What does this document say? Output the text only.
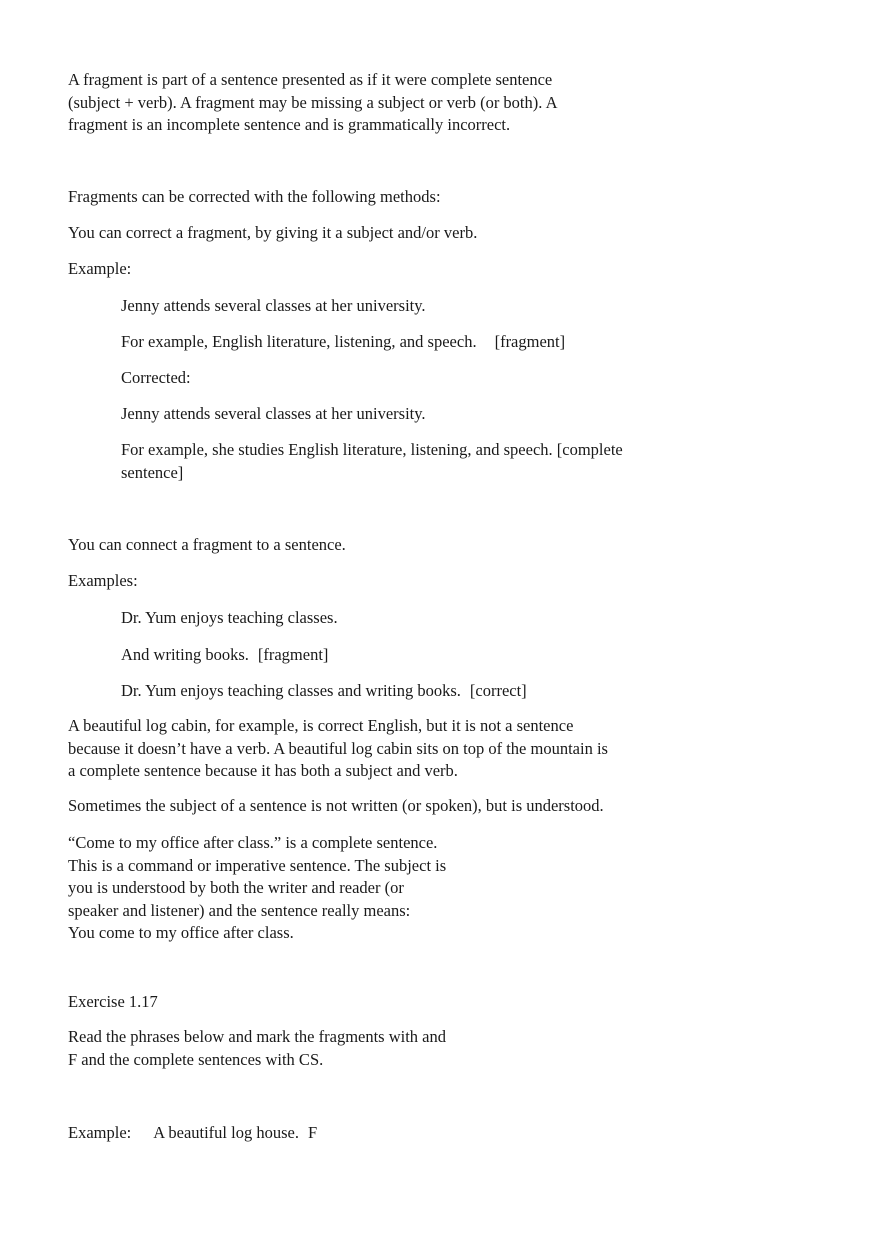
A fragment is part of a sentence presented as if it were complete sentence
(subject + verb). A fragment may be missing a subject or verb (or both). A
fragment is an incomplete sentence and is grammatically incorrect.

Fragments can be corrected with the following methods:

You can correct a fragment, by giving it a subject and/or verb.

Example:

Jenny attends several classes at her university.

For example, English literature, listening, and speech. [fragment]

Corrected:

Jenny attends several classes at her university.

For example, she studies English literature, listening, and speech. [complete
sentence]

You can connect a fragment to a sentence.

Examples:

Dr. Yum enjoys teaching classes.

And writing books. [fragment]

Dr. Yum enjoys teaching classes and writing books. [correct]

A beautiful log cabin, for example, is correct English, but it is not a sentence
because it doesn’t have a verb. A beautiful log cabin sits on top of the mountain is
a complete sentence because it has both a subject and verb.

Sometimes the subject of a sentence is not written (or spoken), but is understood.

“Come to my office after class.” is a complete sentence.
This is a command or imperative sentence. The subject is
you is understood by both the writer and reader (or
speaker and listener) and the sentence really means:
You come to my office after class.

Exercise 1.17

Read the phrases below and mark the fragments with and
F and the complete sentences with CS.

Example: A beautiful log house. F
